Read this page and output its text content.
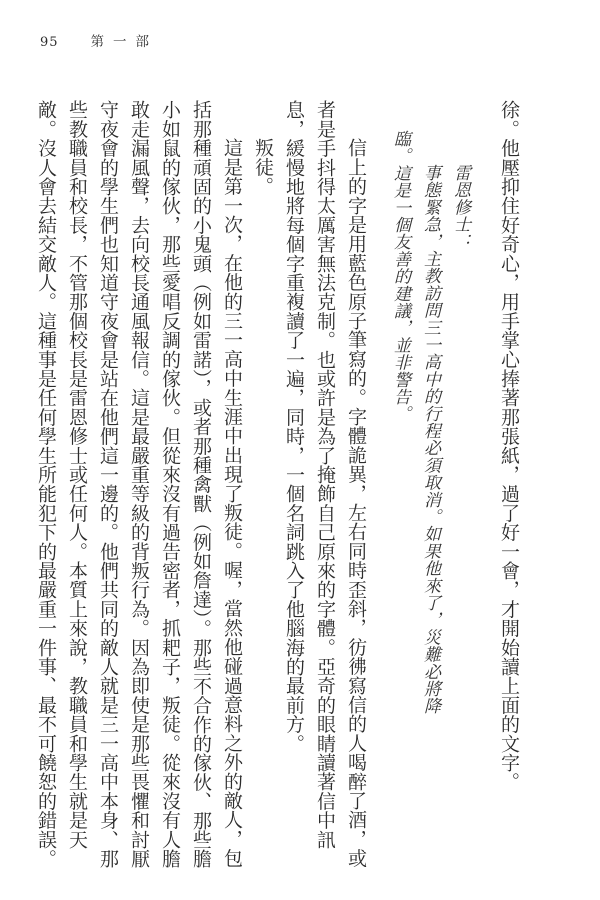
95 第一部

徐。他壓抑住好奇心，用手掌心捧著那張紙，過了好一會，才開始讀上面的文字。

雷恩修士：

事態緊急，主教訪問三一高中的行程必須取消。如果他來了，災難必將降臨。這是一個友善的建議，並非警告。

信上的字是用藍色原子筆寫的。字體詭異，左右同時歪斜，彷彿寫信的人喝醉了酒，或者是手抖得太厲害無法克制。也或許是為了掩飾自己原來的字體。亞奇的眼睛讀著信中訊息，緩慢地將每個字重複讀了一遍，同時，一個名詞跳入了他腦海的最前方。

叛徒。

這是第一次，在他的三一高中生涯中出現了叛徒。喔，當然他碰過意料之外的敵人，包括那種頑固的小鬼頭（例如雷諾），或者那種禽獸（例如詹達）。那些不合作的傢伙、那些膽小如鼠的傢伙，那些愛唱反調的傢伙。但從來沒有過告密者，抓耙子，叛徒。從來沒有人膽敢走漏風聲，去向校長通風報信。這是最嚴重等級的背叛行為。因為即使是那些畏懼和討厭守夜會的學生們也知道守夜會是站在他們這一邊的。他們共同的敵人就是三一高中本身、那些教職員和校長，不管那個校長是雷恩修士或任何人。本質上來說，教職員和學生就是天敵。沒人會去結交敵人。這種事是任何學生所能犯下的最嚴重一件事、最不可饒恕的錯誤。
